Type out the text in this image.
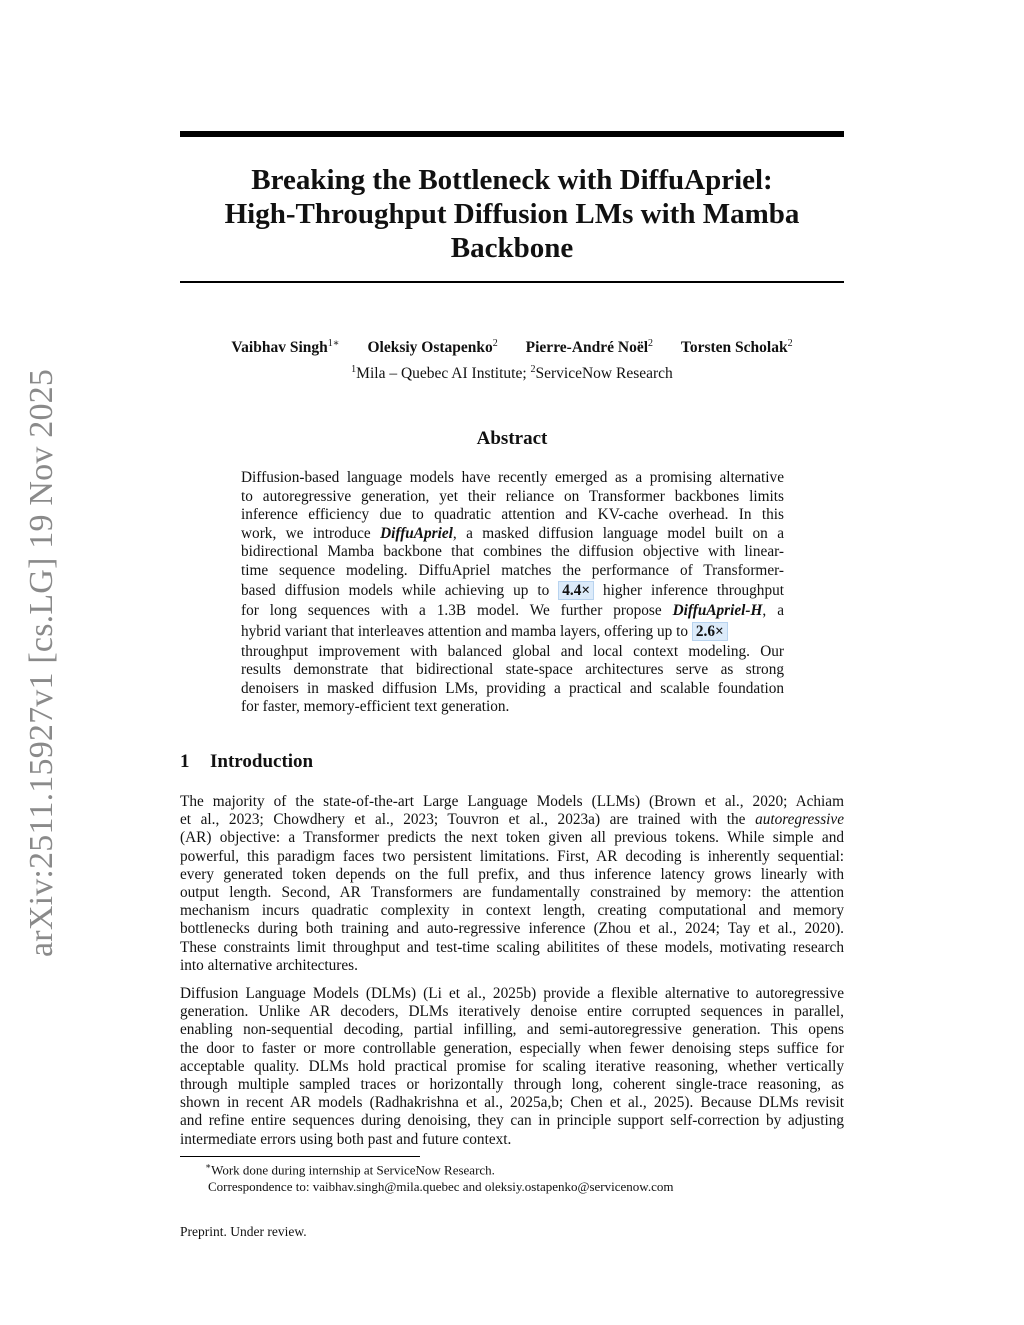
arXiv:2511.15927v1 [cs.LG] 19 Nov 2025
Breaking the Bottleneck with DiffuApriel:
High-Throughput Diffusion LMs with Mamba
Backbone
Vaibhav Singh$^{1∗}$ Oleksiy Ostapenko$^2$ Pierre-André Noël$^2$ Torsten Scholak$^2$
$^1$Mila – Quebec AI Institute; $^2$ServiceNow Research
Abstract
Diffusion-based language models have recently emerged as a promising alternative
to autoregressive generation, yet their reliance on Transformer backbones limits
inference efficiency due to quadratic attention and KV-cache overhead. In this
work, we introduce DiffuApriel, a masked diffusion language model built on a
bidirectional Mamba backbone that combines the diffusion objective with linear-
time sequence modeling. DiffuApriel matches the performance of Transformer-
based diffusion models while achieving up to 4.4× higher inference throughput
for long sequences with a 1.3B model. We further propose DiffuApriel-H, a
hybrid variant that interleaves attention and mamba layers, offering up to 2.6×
throughput improvement with balanced global and local context modeling. Our
results demonstrate that bidirectional state-space architectures serve as strong
denoisers in masked diffusion LMs, providing a practical and scalable foundation
for faster, memory-efficient text generation.
1 Introduction
The majority of the state-of-the-art Large Language Models (LLMs) (Brown et al., 2020; Achiam
et al., 2023; Chowdhery et al., 2023; Touvron et al., 2023a) are trained with the autoregressive
(AR) objective: a Transformer predicts the next token given all previous tokens. While simple and
powerful, this paradigm faces two persistent limitations. First, AR decoding is inherently sequential:
every generated token depends on the full prefix, and thus inference latency grows linearly with
output length. Second, AR Transformers are fundamentally constrained by memory: the attention
mechanism incurs quadratic complexity in context length, creating computational and memory
bottlenecks during both training and auto-regressive inference (Zhou et al., 2024; Tay et al., 2020).
These constraints limit throughput and test-time scaling abilitites of these models, motivating research
into alternative architectures.
Diffusion Language Models (DLMs) (Li et al., 2025b) provide a flexible alternative to autoregressive
generation. Unlike AR decoders, DLMs iteratively denoise entire corrupted sequences in parallel,
enabling non-sequential decoding, partial infilling, and semi-autoregressive generation. This opens
the door to faster or more controllable generation, especially when fewer denoising steps suffice for
acceptable quality. DLMs hold practical promise for scaling iterative reasoning, whether vertically
through multiple sampled traces or horizontally through long, coherent single-trace reasoning, as
shown in recent AR models (Radhakrishna et al., 2025a,b; Chen et al., 2025). Because DLMs revisit
and refine entire sequences during denoising, they can in principle support self-correction by adjusting
intermediate errors using both past and future context.
∗Work done during internship at ServiceNow Research.
Correspondence to: vaibhav.singh@mila.quebec and oleksiy.ostapenko@servicenow.com
Preprint. Under review.
